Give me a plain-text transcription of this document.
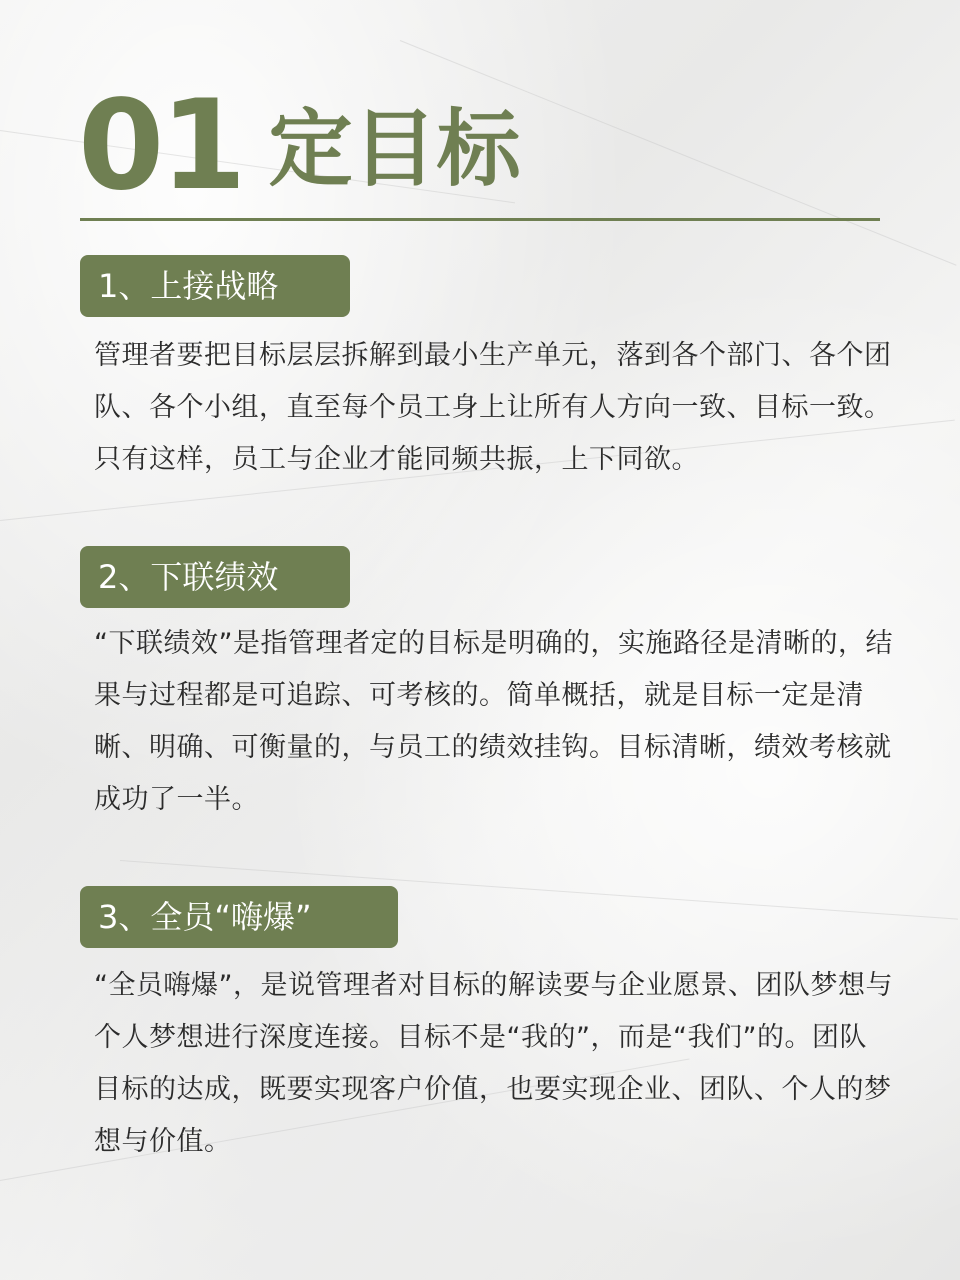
01 定目标
1、上接战略
管理者要把目标层层拆解到最小生产单元，落到各个部门、各个团队、各个小组，直至每个员工身上让所有人方向一致、目标一致。只有这样，员工与企业才能同频共振，上下同欲。
2、下联绩效
“下联绩效”是指管理者定的目标是明确的，实施路径是清晰的，结果与过程都是可追踪、可考核的。简单概括，就是目标一定是清晰、明确、可衡量的，与员工的绩效挂钩。目标清晰，绩效考核就成功了一半。
3、全员“嗨爆”
“全员嗨爆”，是说管理者对目标的解读要与企业愿景、团队梦想与个人梦想进行深度连接。目标不是“我的”，而是“我们”的。团队目标的达成，既要实现客户价值，也要实现企业、团队、个人的梦想与价值。
